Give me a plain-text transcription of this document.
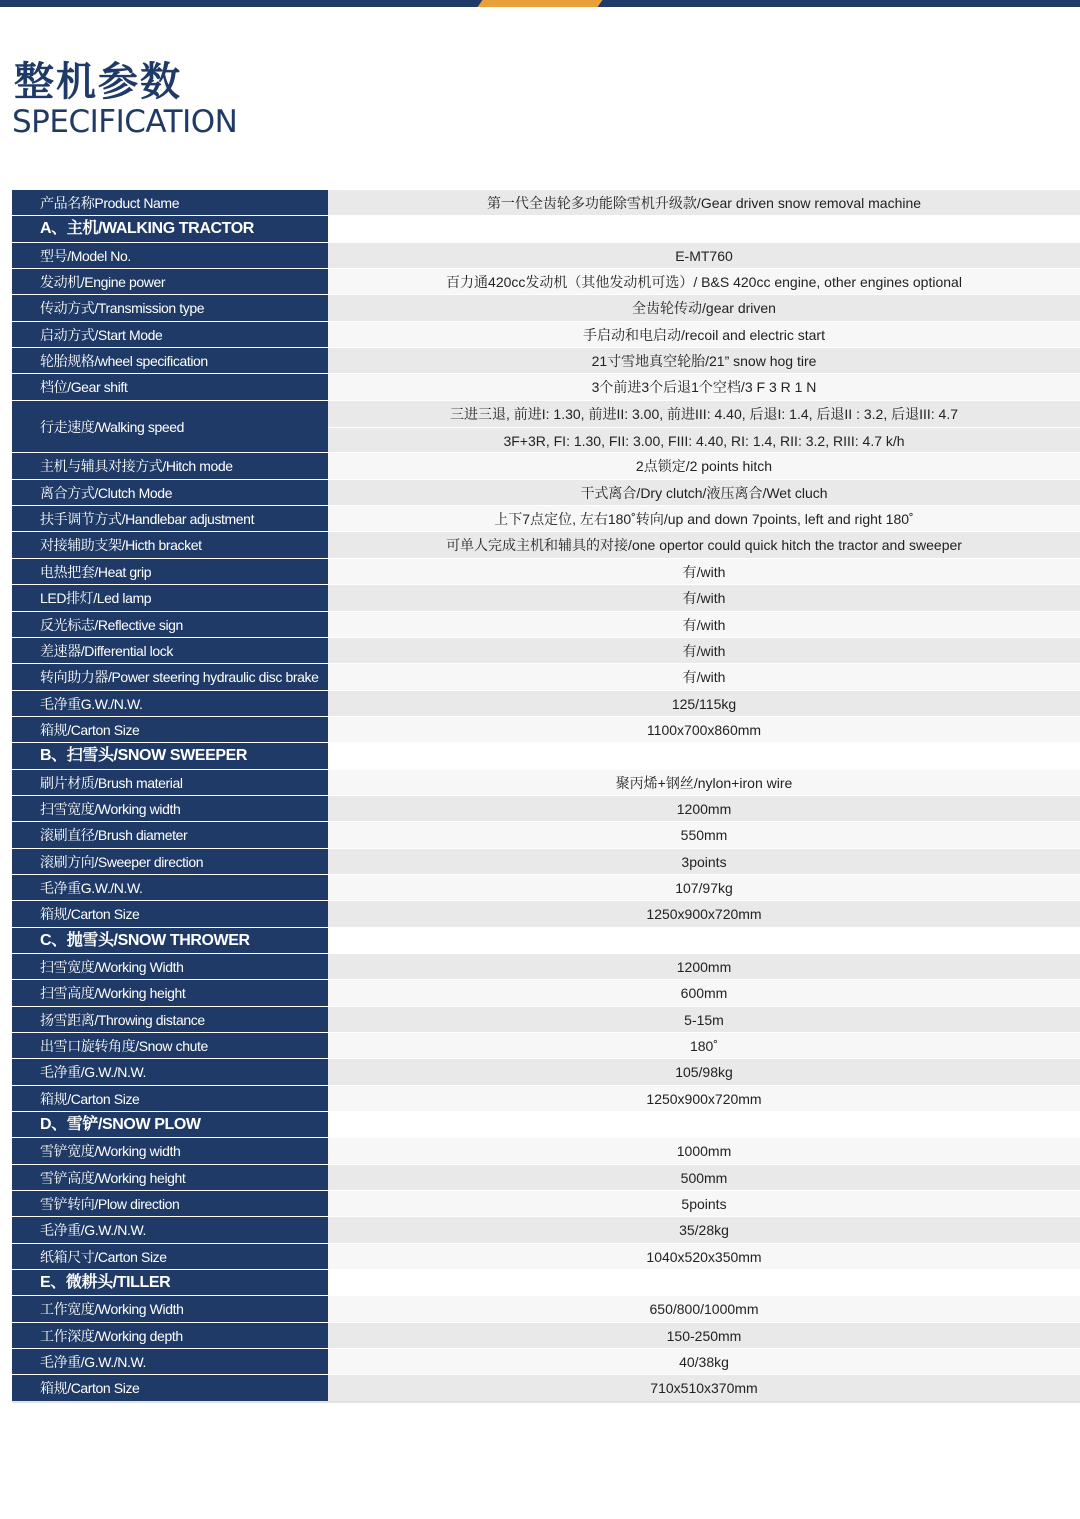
整机参数
SPECIFICATION
产品名称Product Name	第一代全齿轮多功能除雪机升级款/Gear driven snow removal machine
A、主机/WALKING TRACTOR
型号/Model No.	E-MT760
发动机/Engine power	百力通420cc发动机（其他发动机可选）/ B&S 420cc engine, other engines optional
传动方式/Transmission type	全齿轮传动/gear driven
启动方式/Start Mode	手启动和电启动/recoil and electric start
轮胎规格/wheel specification	21寸雪地真空轮胎/21” snow hog tire
档位/Gear shift	3个前进3个后退1个空档/3 F 3 R 1 N
行走速度/Walking speed
三进三退, 前进I: 1.30, 前进II: 3.00, 前进III: 4.40, 后退I: 1.4, 后退II : 3.2, 后退III: 4.7
3F+3R, FI: 1.30, FII: 3.00, FIII: 4.40, RI: 1.4, RII: 3.2, RIII: 4.7 k/h
主机与辅具对接方式/Hitch mode	2点锁定/2 points hitch
离合方式/Clutch Mode	干式离合/Dry clutch/液压离合/Wet cluch
扶手调节方式/Handlebar adjustment	上下7点定位, 左右180˚转向/up and down 7points, left and right 180˚
对接辅助支架/Hicth bracket	可单人完成主机和辅具的对接/one opertor could quick hitch the tractor and sweeper
电热把套/Heat grip	有/with
LED排灯/Led lamp	有/with
反光标志/Reflective sign	有/with
差速器/Differential lock	有/with
转向助力器/Power steering hydraulic disc brake	有/with
毛净重G.W./N.W.	125/115kg
箱规/Carton Size	1100x700x860mm
B、扫雪头/SNOW SWEEPER
刷片材质/Brush material	聚丙烯+钢丝/nylon+iron wire
扫雪宽度/Working width	1200mm
滚刷直径/Brush diameter	550mm
滚刷方向/Sweeper direction	3points
毛净重G.W./N.W.	107/97kg
箱规/Carton Size	1250x900x720mm
C、抛雪头/SNOW THROWER
扫雪宽度/Working Width	1200mm
扫雪高度/Working height	600mm
扬雪距离/Throwing distance	5-15m
出雪口旋转角度/Snow chute	180˚
毛净重/G.W./N.W.	105/98kg
箱规/Carton Size	1250x900x720mm
D、雪铲/SNOW PLOW
雪铲宽度/Working width	1000mm
雪铲高度/Working height	500mm
雪铲转向/Plow direction	5points
毛净重/G.W./N.W.	35/28kg
纸箱尺寸/Carton Size	1040x520x350mm
E、微耕头/TILLER
工作宽度/Working Width	650/800/1000mm
工作深度/Working depth	150-250mm
毛净重/G.W./N.W.	40/38kg
箱规/Carton Size	710x510x370mm
